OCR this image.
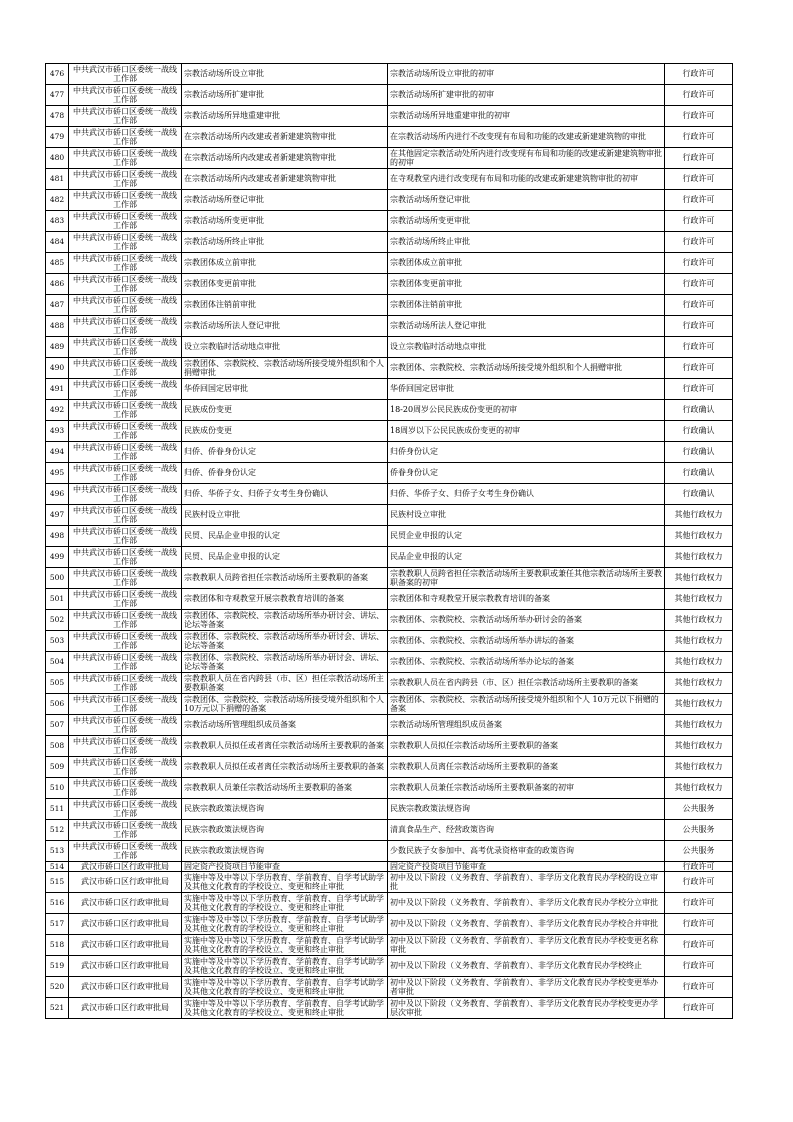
476	中共武汉市硚口区委统一战线工作部	宗教活动场所设立审批	宗教活动场所设立审批的初审	行政许可
477	中共武汉市硚口区委统一战线工作部	宗教活动场所扩建审批	宗教活动场所扩建审批的初审	行政许可
478	中共武汉市硚口区委统一战线工作部	宗教活动场所异地重建审批	宗教活动场所异地重建审批的初审	行政许可
479	中共武汉市硚口区委统一战线工作部	在宗教活动场所内改建或者新建建筑物审批	在宗教活动场所内进行不改变现有布局和功能的改建或新建建筑物的审批	行政许可
480	中共武汉市硚口区委统一战线工作部	在宗教活动场所内改建或者新建建筑物审批	在其他固定宗教活动处所内进行改变现有布局和功能的改建或新建建筑物审批的初审	行政许可
481	中共武汉市硚口区委统一战线工作部	在宗教活动场所内改建或者新建建筑物审批	在寺观教堂内进行改变现有布局和功能的改建或新建建筑物审批的初审	行政许可
482	中共武汉市硚口区委统一战线工作部	宗教活动场所登记审批	宗教活动场所登记审批	行政许可
483	中共武汉市硚口区委统一战线工作部	宗教活动场所变更审批	宗教活动场所变更审批	行政许可
484	中共武汉市硚口区委统一战线工作部	宗教活动场所终止审批	宗教活动场所终止审批	行政许可
485	中共武汉市硚口区委统一战线工作部	宗教团体成立前审批	宗教团体成立前审批	行政许可
486	中共武汉市硚口区委统一战线工作部	宗教团体变更前审批	宗教团体变更前审批	行政许可
487	中共武汉市硚口区委统一战线工作部	宗教团体注销前审批	宗教团体注销前审批	行政许可
488	中共武汉市硚口区委统一战线工作部	宗教活动场所法人登记审批	宗教活动场所法人登记审批	行政许可
489	中共武汉市硚口区委统一战线工作部	设立宗教临时活动地点审批	设立宗教临时活动地点审批	行政许可
490	中共武汉市硚口区委统一战线工作部	宗教团体、宗教院校、宗教活动场所接受境外组织和个人捐赠审批	宗教团体、宗教院校、宗教活动场所接受境外组织和个人捐赠审批	行政许可
491	中共武汉市硚口区委统一战线工作部	华侨回国定居审批	华侨回国定居审批	行政许可
492	中共武汉市硚口区委统一战线工作部	民族成份变更	18-20周岁公民民族成份变更的初审	行政确认
493	中共武汉市硚口区委统一战线工作部	民族成份变更	18周岁以下公民民族成份变更的初审	行政确认
494	中共武汉市硚口区委统一战线工作部	归侨、侨眷身份认定	归侨身份认定	行政确认
495	中共武汉市硚口区委统一战线工作部	归侨、侨眷身份认定	侨眷身份认定	行政确认
496	中共武汉市硚口区委统一战线工作部	归侨、华侨子女、归侨子女考生身份确认	归侨、华侨子女、归侨子女考生身份确认	行政确认
497	中共武汉市硚口区委统一战线工作部	民族村设立审批	民族村设立审批	其他行政权力
498	中共武汉市硚口区委统一战线工作部	民贸、民品企业申报的认定	民贸企业申报的认定	其他行政权力
499	中共武汉市硚口区委统一战线工作部	民贸、民品企业申报的认定	民品企业申报的认定	其他行政权力
500	中共武汉市硚口区委统一战线工作部	宗教教职人员跨省担任宗教活动场所主要教职的备案	宗教教职人员跨省担任宗教活动场所主要教职或兼任其他宗教活动场所主要教职备案的初审	其他行政权力
501	中共武汉市硚口区委统一战线工作部	宗教团体和寺观教堂开展宗教教育培训的备案	宗教团体和寺观教堂开展宗教教育培训的备案	其他行政权力
502	中共武汉市硚口区委统一战线工作部	宗教团体、宗教院校、宗教活动场所举办研讨会、讲坛、论坛等备案	宗教团体、宗教院校、宗教活动场所举办研讨会的备案	其他行政权力
503	中共武汉市硚口区委统一战线工作部	宗教团体、宗教院校、宗教活动场所举办研讨会、讲坛、论坛等备案	宗教团体、宗教院校、宗教活动场所举办讲坛的备案	其他行政权力
504	中共武汉市硚口区委统一战线工作部	宗教团体、宗教院校、宗教活动场所举办研讨会、讲坛、论坛等备案	宗教团体、宗教院校、宗教活动场所举办论坛的备案	其他行政权力
505	中共武汉市硚口区委统一战线工作部	宗教教职人员在省内跨县（市、区）担任宗教活动场所主要教职备案	宗教教职人员在省内跨县（市、区）担任宗教活动场所主要教职的备案	其他行政权力
506	中共武汉市硚口区委统一战线工作部	宗教团体、宗教院校、宗教活动场所接受境外组织和个人10万元以下捐赠的备案	宗教团体、宗教院校、宗教活动场所接受境外组织和个人 10万元以下捐赠的备案	其他行政权力
507	中共武汉市硚口区委统一战线工作部	宗教活动场所管理组织成员备案	宗教活动场所管理组织成员备案	其他行政权力
508	中共武汉市硚口区委统一战线工作部	宗教教职人员拟任或者离任宗教活动场所主要教职的备案	宗教教职人员拟任宗教活动场所主要教职的备案	其他行政权力
509	中共武汉市硚口区委统一战线工作部	宗教教职人员拟任或者离任宗教活动场所主要教职的备案	宗教教职人员离任宗教活动场所主要教职的备案	其他行政权力
510	中共武汉市硚口区委统一战线工作部	宗教教职人员兼任宗教活动场所主要教职的备案	宗教教职人员兼任宗教活动场所主要教职备案的初审	其他行政权力
511	中共武汉市硚口区委统一战线工作部	民族宗教政策法规咨询	民族宗教政策法规咨询	公共服务
512	中共武汉市硚口区委统一战线工作部	民族宗教政策法规咨询	清真食品生产、经营政策咨询	公共服务
513	中共武汉市硚口区委统一战线工作部	民族宗教政策法规咨询	少数民族子女参加中、高考优录资格审查的政策咨询	公共服务
514	武汉市硚口区行政审批局	固定资产投资项目节能审查	固定资产投资项目节能审查	行政许可
515	武汉市硚口区行政审批局	实施中等及中等以下学历教育、学前教育、自学考试助学及其他文化教育的学校设立、变更和终止审批	初中及以下阶段（义务教育、学前教育）、非学历文化教育民办学校的设立审批	行政许可
516	武汉市硚口区行政审批局	实施中等及中等以下学历教育、学前教育、自学考试助学及其他文化教育的学校设立、变更和终止审批	初中及以下阶段（义务教育、学前教育）、非学历文化教育民办学校分立审批	行政许可
517	武汉市硚口区行政审批局	实施中等及中等以下学历教育、学前教育、自学考试助学及其他文化教育的学校设立、变更和终止审批	初中及以下阶段（义务教育、学前教育）、非学历文化教育民办学校合并审批	行政许可
518	武汉市硚口区行政审批局	实施中等及中等以下学历教育、学前教育、自学考试助学及其他文化教育的学校设立、变更和终止审批	初中及以下阶段（义务教育、学前教育）、非学历文化教育民办学校变更名称审批	行政许可
519	武汉市硚口区行政审批局	实施中等及中等以下学历教育、学前教育、自学考试助学及其他文化教育的学校设立、变更和终止审批	初中及以下阶段（义务教育、学前教育）、非学历文化教育民办学校终止	行政许可
520	武汉市硚口区行政审批局	实施中等及中等以下学历教育、学前教育、自学考试助学及其他文化教育的学校设立、变更和终止审批	初中及以下阶段（义务教育、学前教育）、非学历文化教育民办学校变更举办者审批	行政许可
521	武汉市硚口区行政审批局	实施中等及中等以下学历教育、学前教育、自学考试助学及其他文化教育的学校设立、变更和终止审批	初中及以下阶段（义务教育、学前教育）、非学历文化教育民办学校变更办学层次审批	行政许可
